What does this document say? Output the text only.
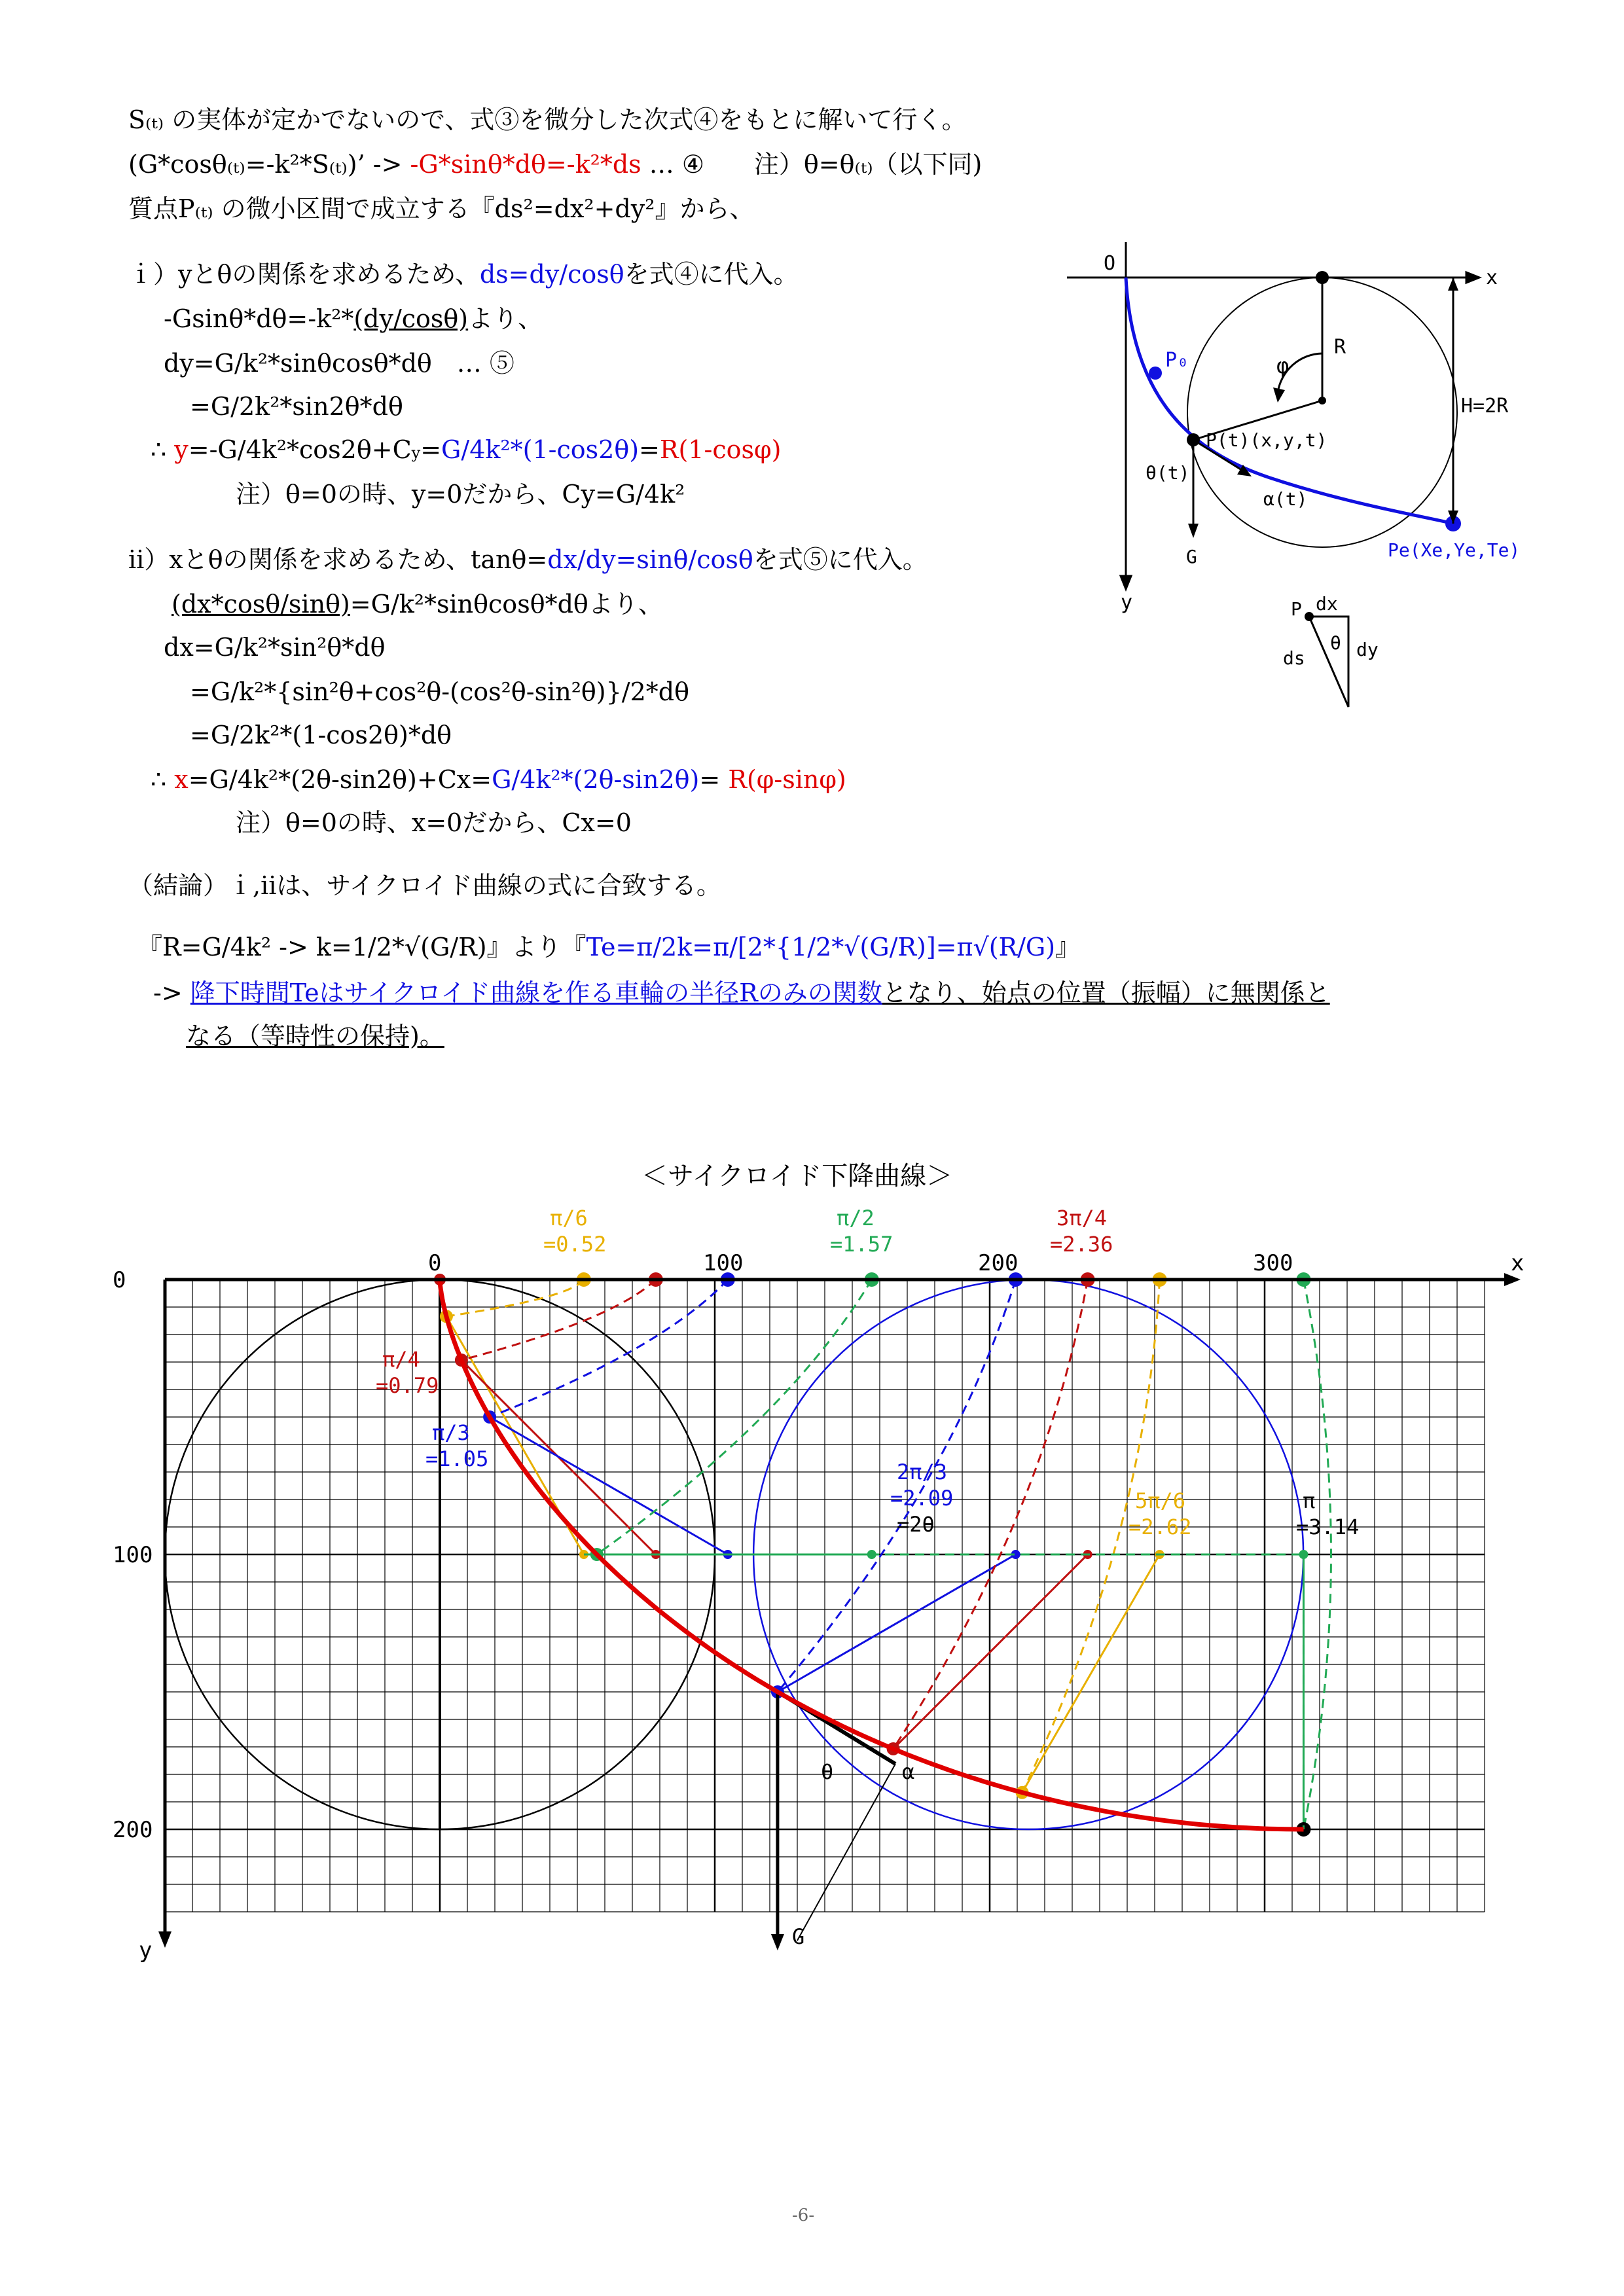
S₍ₜ₎ の実体が定かでないので、式③を微分した次式④をもとに解いて行く。
(G*cosθ₍ₜ₎=-k²*S₍ₜ₎)’ -> -G*sinθ*dθ=-k²*ds … ④　　注）θ=θ₍ₜ₎（以下同)
質点P₍ₜ₎ の微小区間で成立する『ds²=dx²+dy²』から、
ｉ）yとθの関係を求めるため、ds=dy/cosθを式④に代入。
-Gsinθ*dθ=-k²*(dy/cosθ)より、
dy=G/k²*sinθcosθ*dθ　… ⑤
=G/2k²*sin2θ*dθ
∴ y=-G/4k²*cos2θ+Cy=G/4k²*(1-cos2θ)=R(1-cosφ)
注）θ=0の時、y=0だから、Cy=G/4k²
ⅱ）xとθの関係を求めるため、tanθ=dx/dy=sinθ/cosθを式⑤に代入。
(dx*cosθ/sinθ)=G/k²*sinθcosθ*dθより、
dx=G/k²*sin²θ*dθ
=G/k²*{sin²θ+cos²θ-(cos²θ-sin²θ)}/2*dθ
=G/2k²*(1-cos2θ)*dθ
∴ x=G/4k²*(2θ-sin2θ)+Cx=G/4k²*(2θ-sin2θ)= R(φ-sinφ)
注）θ=0の時、x=0だから、Cx=0
（結論）ｉ,ⅱは、サイクロイド曲線の式に合致する。
『R=G/4k² -> k=1/2*√(G/R)』より『Te=π/2k=π/[2*{1/2*√(G/R)]=π√(R/G)』
-> 降下時間Teはサイクロイド曲線を作る車輪の半径Rのみの関数となり、始点の位置（振幅）に無関係と
なる（等時性の保持)。
O
x
y
R
φ
P(t)(x,y,t)
θ(t)
α(t)
G
P₀
Pe(Xe,Ye,Te)
H=2R
P dx
ds
θ dy
＜サイクロイド下降曲線＞
0	100	200	300
0
100
200
x
y
π/6
=0.52
π/2
=1.57
3π/4
=2.36
π/4
=0.79
π/3
=1.05
2π/3
=2.09
=2θ
5π/6
=2.62
π
=3.14
θ	α
G
-6-
